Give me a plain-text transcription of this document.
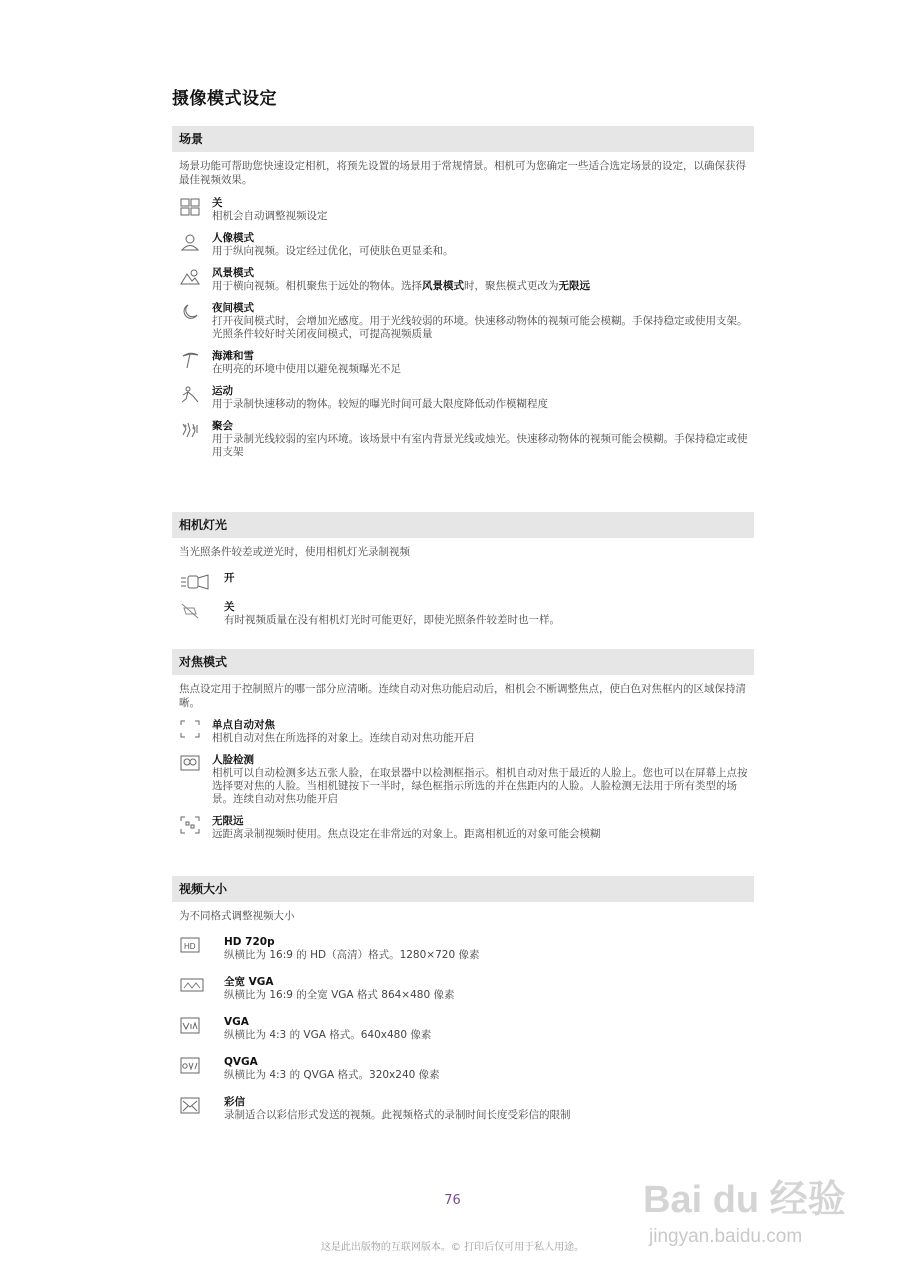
摄像模式设定
场景
场景功能可帮助您快速设定相机，将预先设置的场景用于常规情景。相机可为您确定一些适合选定场景的设定，以确保获得最佳视频效果。
关
相机会自动调整视频设定
人像模式
用于纵向视频。设定经过优化，可使肤色更显柔和。
风景模式
用于横向视频。相机聚焦于远处的物体。选择风景模式时，聚焦模式更改为无限远
夜间模式
打开夜间模式时，会增加光感度。用于光线较弱的环境。快速移动物体的视频可能会模糊。手保持稳定或使用支架。光照条件较好时关闭夜间模式，可提高视频质量
海滩和雪
在明亮的环境中使用以避免视频曝光不足
运动
用于录制快速移动的物体。较短的曝光时间可最大限度降低动作模糊程度
聚会
用于录制光线较弱的室内环境。该场景中有室内背景光线或烛光。快速移动物体的视频可能会模糊。手保持稳定或使用支架
相机灯光
当光照条件较差或逆光时，使用相机灯光录制视频
开
关
有时视频质量在没有相机灯光时可能更好，即使光照条件较差时也一样。
对焦模式
焦点设定用于控制照片的哪一部分应清晰。连续自动对焦功能启动后，相机会不断调整焦点，使白色对焦框内的区域保持清晰。
单点自动对焦
相机自动对焦在所选择的对象上。连续自动对焦功能开启
人脸检测
相机可以自动检测多达五张人脸，在取景器中以检测框指示。相机自动对焦于最近的人脸上。您也可以在屏幕上点按选择要对焦的人脸。当相机键按下一半时，绿色框指示所选的并在焦距内的人脸。人脸检测无法用于所有类型的场景。连续自动对焦功能开启
无限远
远距离录制视频时使用。焦点设定在非常远的对象上。距离相机近的对象可能会模糊
视频大小
为不同格式调整视频大小
HD	HD 720p
纵横比为 16:9 的 HD（高清）格式。1280×720 像素
全宽 VGA
纵横比为 16:9 的全宽 VGA 格式 864×480 像素
VGA
纵横比为 4:3 的 VGA 格式。640x480 像素
QVGA
纵横比为 4:3 的 QVGA 格式。320x240 像素
彩信
录制适合以彩信形式发送的视频。此视频格式的录制时间长度受彩信的限制
76	Bai du 经验
jingyan.baidu.com
这是此出版物的互联网版本。© 打印后仅可用于私人用途。
